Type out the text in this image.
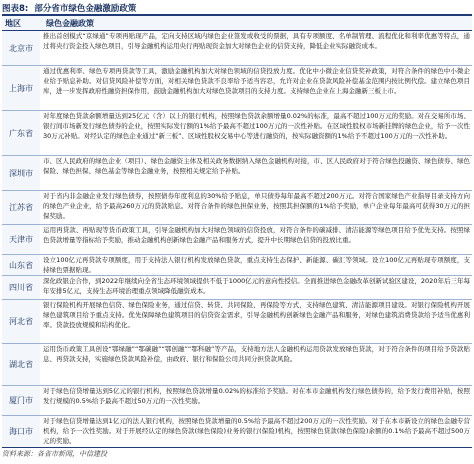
图表8: 部分省市绿色金融激励政策
地区	绿色金融政策
北京市
推出首创模式“京绿通”专项再贴现产品，定向支持区域内绿色企业签发或收受的票据，具有专项额度、名单制管理、流程优化和利率优惠等特点，通过将央行资金投入绿色项目，引导金融机构运用央行再贴现资金加大对绿色企业的信贷支持，降低企业实际融资成本。
上海市
通过优惠利率、绿色专项再贷款等工具，激励金融机构加大对绿色领域的信贷投放力度。优化中小微企业信贷奖补政策，对符合条件的绿色中小微企业给予贴息补助。对信贷风险补偿等方面，对相关绿色贷款不良率给予适当容忍，允许对企业在贷款风险补偿基金范围内按比例代偿。建立绿色项目库，进一步发挥政府性融资担保作用，鼓励金融机构加大对绿色贷款项目的支持力度。支持绿色企业在上海金融新三板上市。
广东省
对年度绿色贷款余额增量达到25亿元（含）以上的银行机构，按照绿色贷款余额增量0.02%的标准，最高不超过100万元的奖励。对在交易所市场、银行间市场新发行绿色债券的企业，按照实际发行额的1%给予最高不超过100万元的一次性补贴。在区域性股权市场新挂牌的绿色企业，给予一次性30万元补贴。对经认定的绿色企业通过“新三板”、区域性股权交易中心等进行融资的，按实际融资额的1%给予不超过100万元的一次性补助。
深圳市
市、区人民政府的绿色企业（项目）、绿色金融资主体及相关政务数据纳入绿色金融机构对接，市、区人民政府对于符合绿色投融资、绿色债券、绿色保险、绿色担保、绿色基金等绿色金融业务，按照相关规定给予补贴。
江苏省
对于省内非金融企业发行绿色债券，按照债券年度利息的30%给予贴息，单只债券每年最高不超过200万元。对符合国家绿色产业指导目录支持方向的绿色产业企业，给予最高260万元的贷款贴息。对符合条件的绿色担保业务，按照其担保额的1%给予奖励，单户企业每年最高可获得30万元的担保奖励。
天津市
运用再贷款、再贴现等货币政策工具，引导金融机构加大对绿色领域的信贷投放，对符合条件的碳减排、清洁能源等绿色项目给予优先支持。按照绿色贷款增量等指标给予奖励，推动金融机构创新绿色金融产品和服务方式，提升中长期绿色信贷的投放比重。
山东省
设立100亿元再贷款专项额度，用于支持法人银行机构发放绿色贷款，重点支持生态保护、新能源、碳汇等领域。设立100亿元再贴现专项额度，支持绿色票据贴现。
四川省
深化政银企合作，到2022年继续向全省生态环境领域提供不低于1000亿元的意向性授信。全面推进绿色金融改革创新试验区建设，2020年后三年每年安排5亿元，支持生态环境治理重点领域降低融资成本。
河北省
银行保险机构开展绿色信贷、绿色保险业务，通过信贷、转贷、共同保险、再保险等方式，支持绿色建筑、清洁能源项目建设。对银行保险机构开展绿色建筑项目给予重点支持。优先保障绿色建筑项目的信贷资金需求，引导金融机构创新绿色金融产品和服务，对绿色建筑消费贷款给予适当优惠利率。贷款投放规模和结构优化。
湖北省
运用货币政策工具创设“鄂绿融”“鄂碳融”“鄂创融”“鄂科融”等产品，支持地方法人金融机构运用贷款发放绿色贷款，对于符合条件的项目给予贷款贴息、再贷款支持，实施绿色贷款风险补偿，由政府、银行和保险公司共同分担贷款风险。
厦门市
对于绿色信贷增量达到5亿元的银行机构，按照绿色贷款增量0.02%的标准给予奖励。对在本市金融机构发行绿色债券的，给予发行费用补贴，按照发行规模的0.5%给予最高不超过50万元的一次性奖励。
海口市
对于绿色信贷增量达到1亿元的法人银行机构，按照绿色贷款增量的0.5%给予最高不超过200万元的一次性奖励。对于在本市新设立的绿色金融专营机构，给予一次性奖励。对于开展经认定的绿色贷款(绿色保险)业务的银行(保险)机构，按照绿色贷款(绿色保险)余额的0.1%给予最高不超过500万元的奖励。
资料来源：各省市新闻，中信建投
